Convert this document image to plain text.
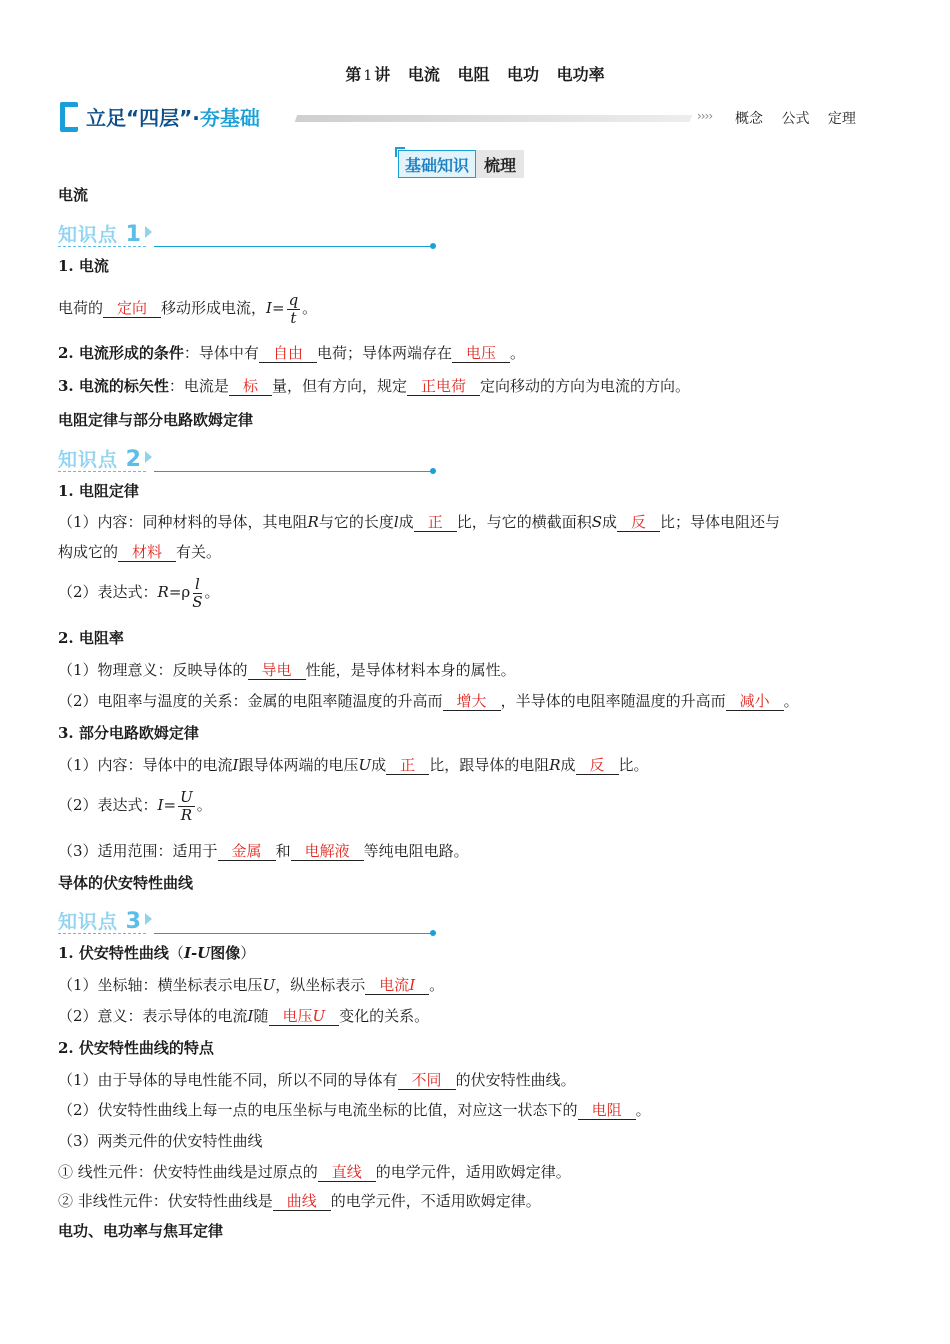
第 1 讲 电流 电阻 电功 电功率
立足“四层”·夯基础	›››› 概念 公式 定理
基础知识 梳理
电流
知识点 1
1. 电流
电荷的 定向 移动形成电流，$I= \frac{q}{t}$ 。
2. 电流形成的条件：导体中有 自由 电荷；导体两端存在 电压 。
3. 电流的标矢性：电流是 标 量，但有方向，规定 正电荷 定向移动的方向为电流的方向。
电阻定律与部分电路欧姆定律
知识点 2
1. 电阻定律
（1）内容：同种材料的导体，其电阻R与它的长度l成 正 比，与它的横截面积S成 反 比；导体电阻还与
构成它的 材料 有关。
（2）表达式：$R=\rho \frac{l}{S}$ 。
2. 电阻率
（1）物理意义：反映导体的 导电 性能，是导体材料本身的属性。
（2）电阻率与温度的关系：金属的电阻率随温度的升高而 增大 ，半导体的电阻率随温度的升高而 减小 。
3. 部分电路欧姆定律
（1）内容：导体中的电流I跟导体两端的电压U成 正 比，跟导体的电阻R成 反 比。
（2）表达式：$I= \frac{U}{R}$ 。
（3）适用范围：适用于 金属 和 电解液 等纯电阻电路。
导体的伏安特性曲线
知识点 3
1. 伏安特性曲线（I-U图像）
（1）坐标轴：横坐标表示电压U，纵坐标表示 电流I 。
（2）意义：表示导体的电流I随 电压U 变化的关系。
2. 伏安特性曲线的特点
（1）由于导体的导电性能不同，所以不同的导体有 不同 的伏安特性曲线。
（2）伏安特性曲线上每一点的电压坐标与电流坐标的比值，对应这一状态下的 电阻 。
（3）两类元件的伏安特性曲线
① 线性元件：伏安特性曲线是过原点的 直线 的电学元件，适用欧姆定律。
② 非线性元件：伏安特性曲线是 曲线 的电学元件，不适用欧姆定律。
电功、电功率与焦耳定律
